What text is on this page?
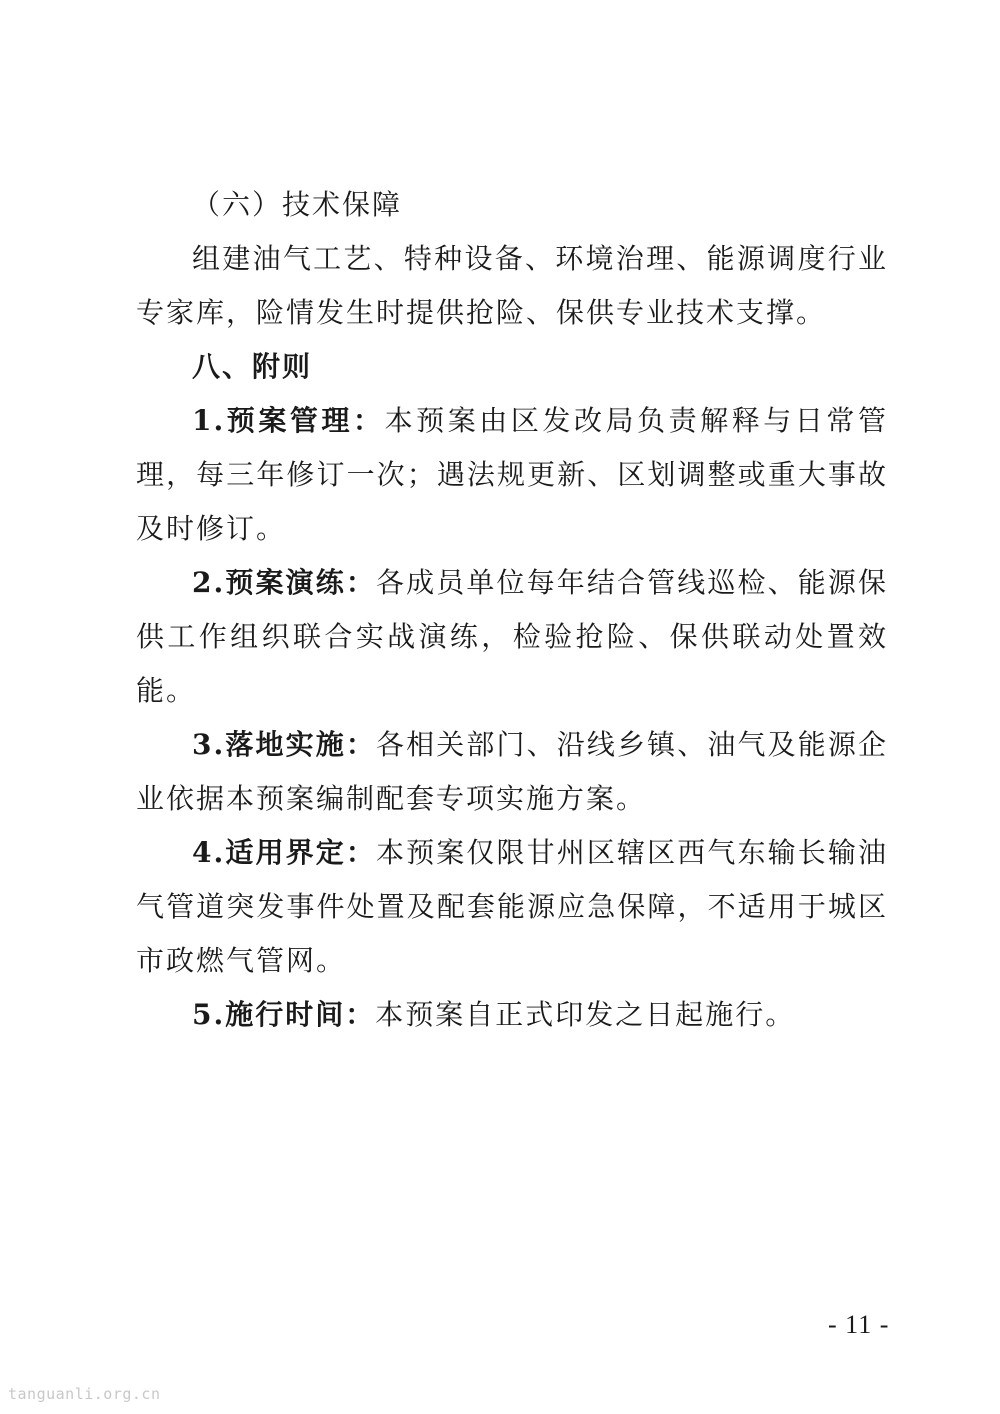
（六）技术保障

组建油气工艺、特种设备、环境治理、能源调度行业专家库，险情发生时提供抢险、保供专业技术支撑。

八、附则

1.预案管理：本预案由区发改局负责解释与日常管理，每三年修订一次；遇法规更新、区划调整或重大事故及时修订。

2.预案演练：各成员单位每年结合管线巡检、能源保供工作组织联合实战演练，检验抢险、保供联动处置效能。

3.落地实施：各相关部门、沿线乡镇、油气及能源企业依据本预案编制配套专项实施方案。

4.适用界定：本预案仅限甘州区辖区西气东输长输油气管道突发事件处置及配套能源应急保障，不适用于城区市政燃气管网。

5.施行时间：本预案自正式印发之日起施行。

- 11 -
tanguanli.org.cn
